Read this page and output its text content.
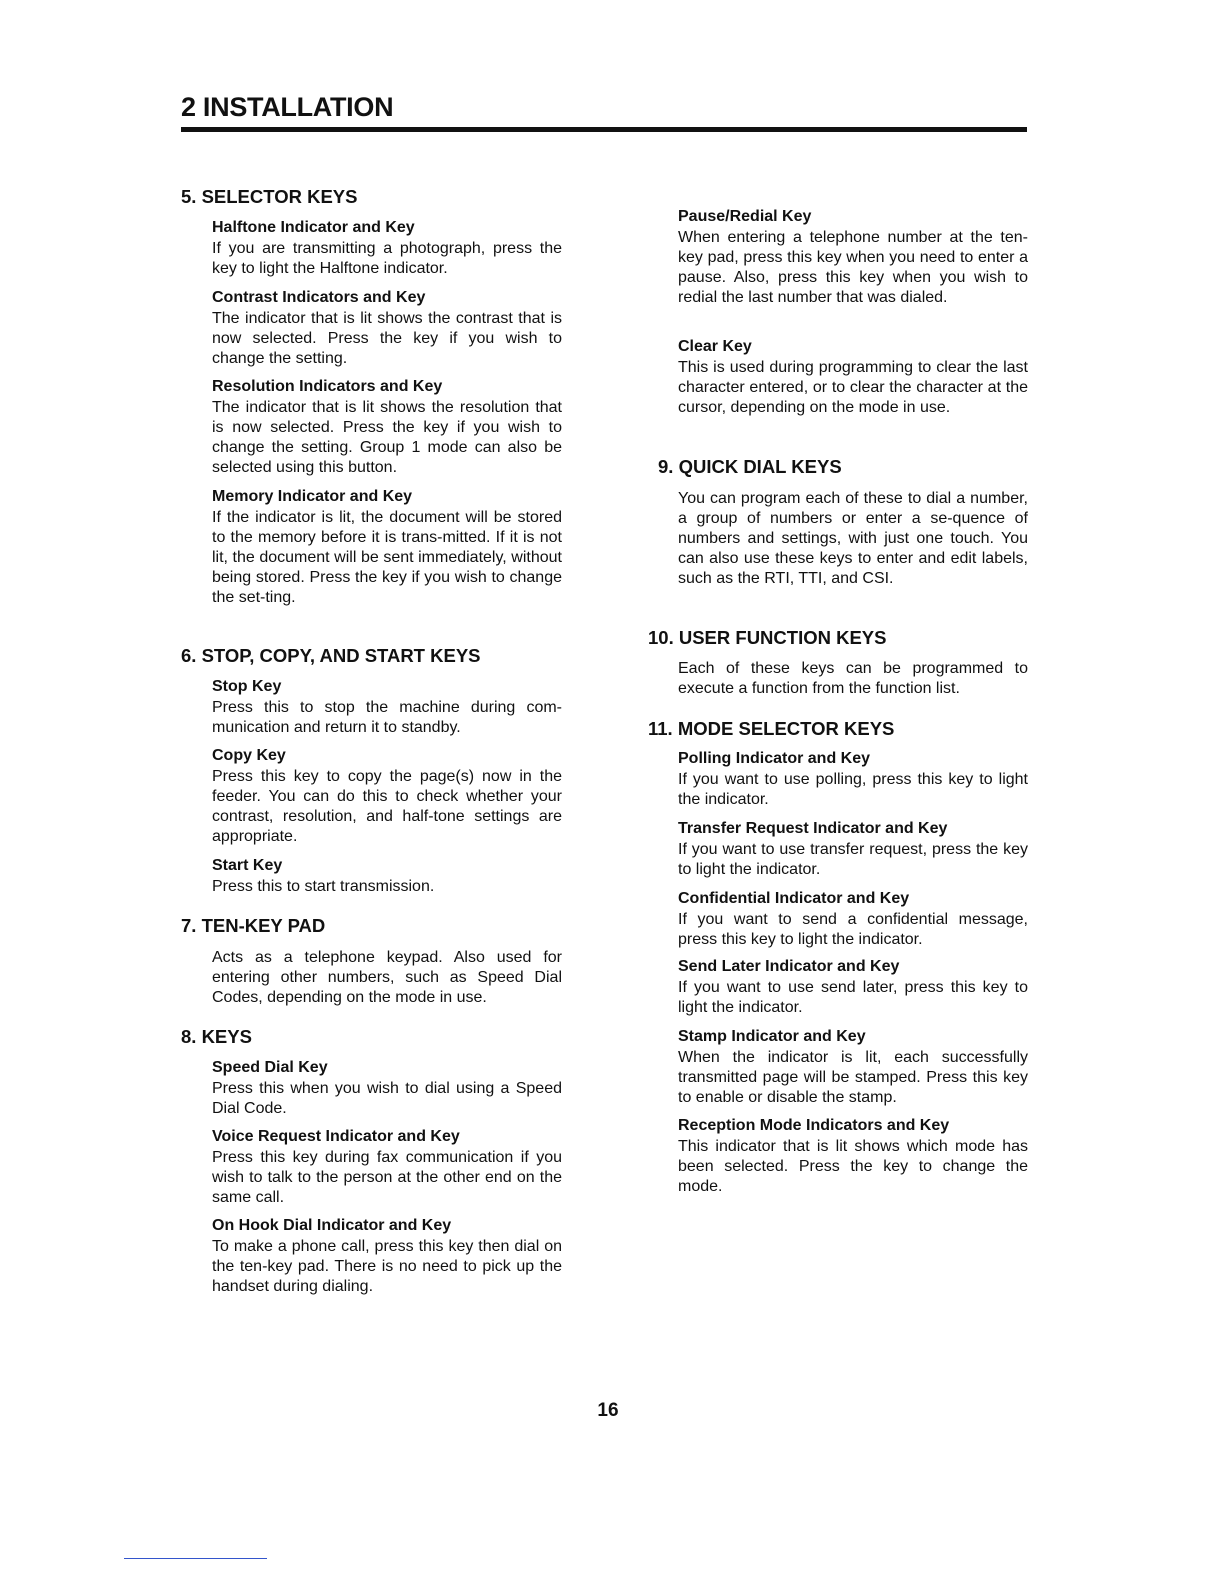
2 INSTALLATION
5. SELECTOR KEYS
Halftone Indicator and Key

If you are transmitting a photograph, press the key to light the Halftone indicator.

Contrast Indicators and Key

The indicator that is lit shows the contrast that is now selected. Press the key if you wish to change the setting.

Resolution Indicators and Key

The indicator that is lit shows the resolution that is now selected. Press the key if you wish to change the setting. Group 1 mode can also be selected using this button.

Memory Indicator and Key

If the indicator is lit, the document will be stored to the memory before it is trans-mitted. If it is not lit, the document will be sent immediately, without being stored. Press the key if you wish to change the set-ting.

6. STOP, COPY, AND START KEYS
Stop Key

Press this to stop the machine during com-munication and return it to standby.

Copy Key

Press this key to copy the page(s) now in the feeder. You can do this to check whether your contrast, resolution, and half-tone settings are appropriate.

Start Key

Press this to start transmission.

7. TEN-KEY PAD

Acts as a telephone keypad. Also used for entering other numbers, such as Speed Dial Codes, depending on the mode in use.

8. KEYS
Speed Dial Key

Press this when you wish to dial using a Speed Dial Code.

Voice Request Indicator and Key

Press this key during fax communication if you wish to talk to the person at the other end on the same call.

On Hook Dial Indicator and Key

To make a phone call, press this key then dial on the ten-key pad. There is no need to pick up the handset during dialing.

Pause/Redial Key

When entering a telephone number at the ten-key pad, press this key when you need to enter a pause. Also, press this key when you wish to redial the last number that was dialed.

Clear Key

This is used during programming to clear the last character entered, or to clear the character at the cursor, depending on the mode in use.

9. QUICK DIAL KEYS

You can program each of these to dial a number, a group of numbers or enter a se-quence of numbers and settings, with just one touch. You can also use these keys to enter and edit labels, such as the RTI, TTI, and CSI.

10. USER FUNCTION KEYS

Each of these keys can be programmed to execute a function from the function list.

11. MODE SELECTOR KEYS
Polling Indicator and Key

If you want to use polling, press this key to light the indicator.

Transfer Request Indicator and Key

If you want to use transfer request, press the key to light the indicator.

Confidential Indicator and Key

If you want to send a confidential message, press this key to light the indicator.

Send Later Indicator and Key

If you want to use send later, press this key to light the indicator.

Stamp Indicator and Key

When the indicator is lit, each successfully transmitted page will be stamped. Press this key to enable or disable the stamp.

Reception Mode Indicators and Key

This indicator that is lit shows which mode has been selected. Press the key to change the mode.

16
